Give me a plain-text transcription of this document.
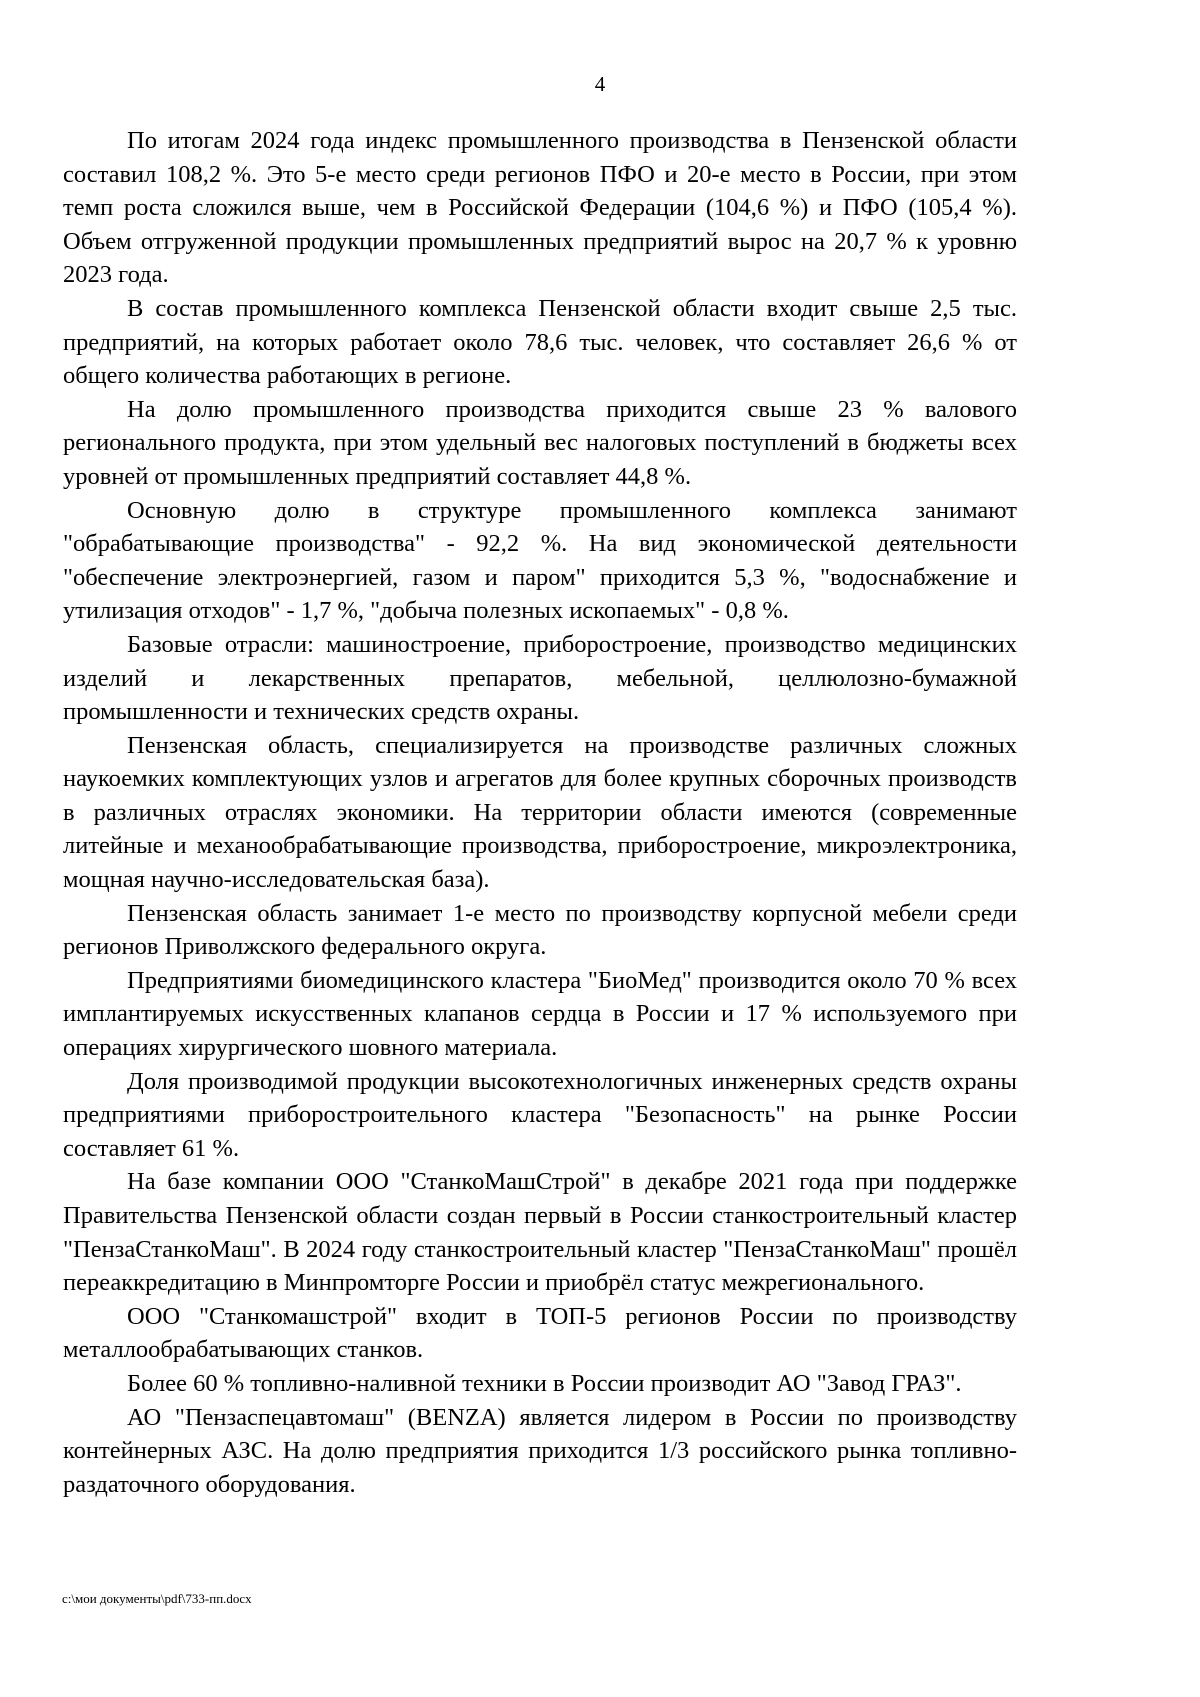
4

По итогам 2024 года индекс промышленного производства в Пензенской области составил 108,2 %. Это 5-е место среди регионов ПФО и 20-е место в России, при этом темп роста сложился выше, чем в Российской Федерации (104,6 %) и ПФО (105,4 %). Объем отгруженной продукции промышленных предприятий вырос на 20,7 % к уровню 2023 года.

В состав промышленного комплекса Пензенской области входит свыше 2,5 тыс. предприятий, на которых работает около 78,6 тыс. человек, что составляет 26,6 % от общего количества работающих в регионе.

На долю промышленного производства приходится свыше 23 % валового регионального продукта, при этом удельный вес налоговых поступлений в бюджеты всех уровней от промышленных предприятий составляет 44,8 %.

Основную долю в структуре промышленного комплекса занимают "обрабатывающие производства" - 92,2 %. На вид экономической деятельности "обеспечение электроэнергией, газом и паром" приходится 5,3 %, "водоснабжение и утилизация отходов" - 1,7 %, "добыча полезных ископаемых" - 0,8 %.

Базовые отрасли: машиностроение, приборостроение, производство медицинских изделий и лекарственных препаратов, мебельной, целлюлозно-бумажной промышленности и технических средств охраны.

Пензенская область, специализируется на производстве различных сложных наукоемких комплектующих узлов и агрегатов для более крупных сборочных производств в различных отраслях экономики. На территории области имеются (современные литейные и механообрабатывающие производства, приборостроение, микроэлектроника, мощная научно-исследовательская база).

Пензенская область занимает 1-е место по производству корпусной мебели среди регионов Приволжского федерального округа.

Предприятиями биомедицинского кластера "БиоМед" производится около 70 % всех имплантируемых искусственных клапанов сердца в России и 17 % используемого при операциях хирургического шовного материала.

Доля производимой продукции высокотехнологичных инженерных средств охраны предприятиями приборостроительного кластера "Безопасность" на рынке России составляет 61 %.

На базе компании ООО "СтанкоМашСтрой" в декабре 2021 года при поддержке Правительства Пензенской области создан первый в России станкостроительный кластер "ПензаСтанкоМаш". В 2024 году станкостроительный кластер "ПензаСтанкоМаш" прошёл переаккредитацию в Минпромторге России и приобрёл статус межрегионального.

ООО "Станкомашстрой" входит в ТОП-5 регионов России по производству металлообрабатывающих станков.

Более 60 % топливно-наливной техники в России производит АО "Завод ГРАЗ".

АО "Пензаспецавтомаш" (BENZA) является лидером в России по производству контейнерных АЗС. На долю предприятия приходится 1/3 российского рынка топливно-раздаточного оборудования.

c:\мои документы\pdf\733-пп.docx
